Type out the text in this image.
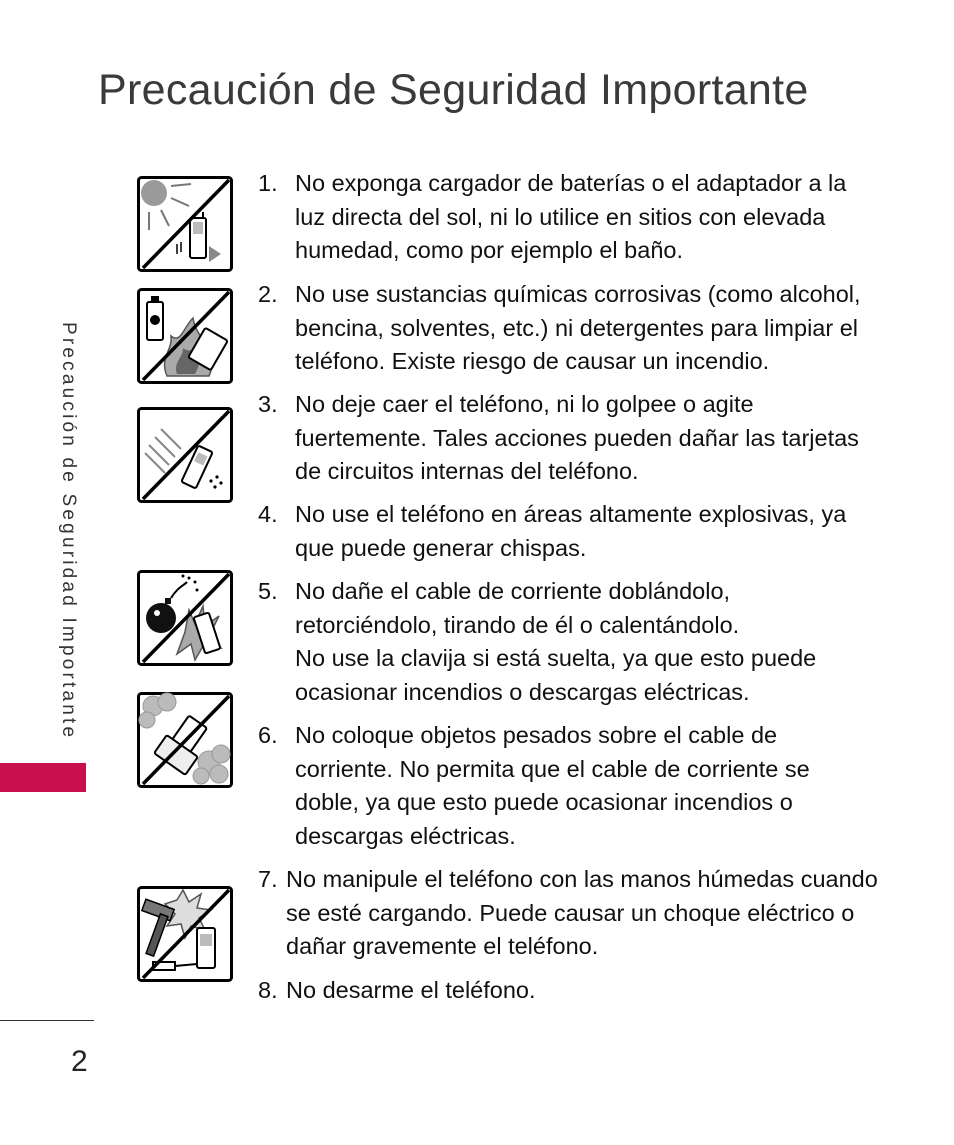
Precaución de Seguridad Importante
Precaución de Seguridad Importante
2
1. No exponga cargador de baterías o el adaptador a la
luz directa del sol, ni lo utilice en sitios con elevada
humedad, como por ejemplo el baño.
2. No use sustancias químicas corrosivas (como alcohol,
bencina, solventes, etc.) ni detergentes para limpiar el
teléfono. Existe riesgo de causar un incendio.
3. No deje caer el teléfono, ni lo golpee o agite
fuertemente. Tales acciones pueden dañar las tarjetas
de circuitos internas del teléfono.
4. No use el teléfono en áreas altamente explosivas, ya
que puede generar chispas.
5. No dañe el cable de corriente doblándolo,
retorciéndolo, tirando de él o calentándolo.
No use la clavija si está suelta, ya que esto puede
ocasionar incendios o descargas eléctricas.
6. No coloque objetos pesados sobre el cable de
corriente. No permita que el cable de corriente se
doble, ya que esto puede ocasionar incendios o
descargas eléctricas.
7. No manipule el teléfono con las manos húmedas cuando
se esté cargando. Puede causar un choque eléctrico o
dañar gravemente el teléfono.
8. No desarme el teléfono.
